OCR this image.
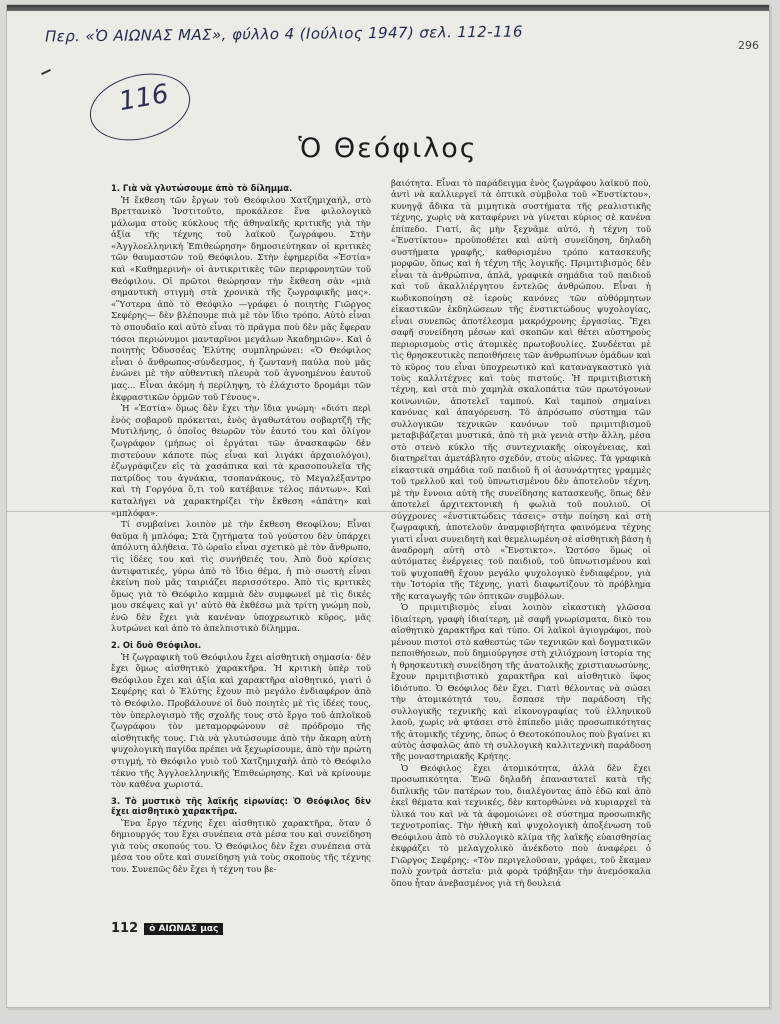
Περ. «Ὁ ΑΙΩΝΑΣ ΜΑΣ», φύλλο 4 (Ιούλιος 1947) σελ. 112-116	296
116
Ὁ Θεόφιλος
1. Γιὰ νὰ γλυτώσουμε ἀπὸ τὸ δίλημμα.

Ἡ ἔκθεση τῶν ἔργων τοῦ Θεόφιλου Χατζημιχαήλ, στὸ Βρεττανικὸ Ἰνστιτοῦτο, προκάλεσε ἕνα φιλολογικὸ μάλωμα στοὺς κύκλους τῆς ἀθηναϊκῆς κριτικῆς γιὰ τὴν ἀξία τῆς τέχνης τοῦ λαϊκοῦ ζωγράφου. Στὴν «Ἀγγλοελληνική Ἐπιθεώρηση» δημοσιεύτηκαν οἱ κριτικὲς τῶν θαυμαστῶν τοῦ Θεόφιλου. Στὴν ἐφημερίδα «Ἑστία» καὶ «Καθημερινὴ» οἱ ἀντικριτικὲς τῶν περιφρονητῶν τοῦ Θεόφιλου. Οἱ πρῶτοι θεώρησαν τὴν ἔκθεση σὰν «μιὰ σημαντικὴ στιγμὴ στὰ χρονικὰ τῆς ζωγραφικῆς μας». «Ὕστερα ἀπὸ τὸ Θεόφιλο —γράφει ὁ ποιητὴς Γιῶργος Σεφέρης— δὲν βλέπουμε πιὰ μὲ τὸν ἴδιο τρόπο. Αὐτὸ εἶναι τὸ σπουδαῖο καὶ αὐτὸ εἶναι τὸ πρᾶγμα ποὺ δὲν μᾶς ἔφεραν τόσοι περιώνυμοι μανταρῖνοι μεγάλων Ἀκαδημιῶν». Καὶ ὁ ποιητὴς Ὀδυσσέας Ἐλύτης συμπληρώνει: «Ὁ Θεόφιλος εἶναι ὁ ἄνθρωπος-σύνδεσμος, ἡ ζωντανὴ παύλα ποὺ μᾶς ἑνώνει μὲ τὴν αὐθεντικὴ πλευρὰ τοῦ ἀγνοημένου ἑαυτοῦ μας... Εἶναι ἀκόμη ἡ περίληψη, τὸ ἐλάχιστο δρομάμι τῶν ἐκφραστικῶν ὁρμῶν τοῦ Γένους».

Ἡ «Ἑστία» ὅμως δὲν ἔχει τὴν ἴδια γνώμη· «διότι περὶ ἑνὸς σοβαροῦ πρόκειται, ἑνὸς ἀγαθωτάτου σοβαρτζῆ τῆς Μυτιλήνης, ὁ ὁποῖος θεωρῶν τὸν ἑαυτό του καὶ ὀλίγον ζωγράφον (μήπως οἱ ἐργάται τῶν ἀνασκαφῶν δὲν πιστεύουν κάποτε πὼς εἶναι καὶ λιγάκι ἀρχαιολόγοι), ἐζωγράφιζεν εἰς τὰ χασάπικα καὶ τὰ κρασοπουλεῖα τῆς πατρίδος του ἀγνάκια, τσοπανάκους, τὸ Μεγαλέξαντρο καὶ τὴ Γοργόνα ὅ,τι τοῦ κατέβαινε τέλος πάντων». Καὶ καταλήγει νὰ χαρακτηρίζει τὴν ἔκθεση «ἀπάτη» καὶ «μπλόφα».

Τί συμβαίνει λοιπὸν μὲ τὴν ἔκθεση Θεοφίλου; Εἶναι θαῦμα ἢ μπλόφα; Στὰ ζητήματα τοῦ γούστου δὲν ὑπάρχει ἀπόλυτη ἀλήθεια. Τὸ ὡραῖο εἶναι σχετικὸ μὲ τὸν ἄνθρωπο, τὶς ἰδέες του καὶ τὶς συνήθειές του. Ἀπὸ δυὸ κρίσεις ἀντιφατικές, γύρω ἀπὸ τὸ ἴδιο θέμα, ἡ πιὸ σωστὴ εἶναι ἐκείνη ποὺ μᾶς ταιριάζει περισσότερο. Ἀπὸ τὶς κριτικὲς ὅμως γιὰ τὸ Θεόφιλο καμμιὰ δὲν συμφωνεῖ μὲ τὶς δικές μου σκέψεις καὶ γι' αὐτὸ θὰ ἐκθέσω μιὰ τρίτη γνώμη ποὺ, ἐνῶ δὲν ἔχει γιὰ κανέναν ὑποχρεωτικὸ κῦρος, μᾶς λυτρώνει καὶ ἀπὸ τὸ ἀπελπιστικὸ δίλημμα.

2. Οἱ δυὸ Θεόφιλοι.

Ἡ ζωγραφικὴ τοῦ Θεόφιλου ἔχει αἰσθητικὴ σημασία· δὲν ἔχει ὅμως αἰσθητικὸ χαρακτῆρα. Ἡ κριτικὴ ὑπὲρ τοῦ Θεόφιλου ἔχει καὶ ἀξία καὶ χαρακτῆρα αἰσθητικό, γιατὶ ὁ Σεφέρης καὶ ὁ Ἐλύτης ἔχουν πιὸ μεγάλο ἐνδιαφέρον ἀπὸ τὸ Θεόφιλο. Προβάλουνε οἱ δυὸ ποιητὲς μὲ τὶς ἰδέες τους, τὸν ὑπερλογισμὸ τῆς σχολῆς τους στὸ ἔργο τοῦ ἁπλοϊκοῦ ζωγράφου τὸν μεταμορφώνουν σὲ πρόδρομο τῆς αἰσθητικῆς τους. Γιὰ νὰ γλυτώσουμε ἀπὸ τὴν ἄκαρη αὐτὴ ψυχολογικὴ παγίδα πρέπει νὰ ξεχωρίσουμε, ἀπὸ τὴν πρώτη στιγμή, τὸ Θεόφιλο γυιὸ τοῦ Χατζημιχαὴλ ἀπὸ τὸ Θεόφιλο τέκνο τῆς Ἀγγλοελληνικῆς Ἐπιθεώρησης. Καὶ νὰ κρίνουμε τὸν καθένα χωριστά.

3. Τὸ μυστικὸ τῆς λαϊκῆς εἰρωνίας: Ὁ Θεόφιλος δὲν ἔχει αἰσθητικὸ χαρακτῆρα.

Ἕνα ἔργο τέχνης ἔχει αἰσθητικὸ χαρακτῆρα, ὅταν ὁ δημιουργός του ἔχει συνέπεια στὰ μέσα του καὶ συνείδηση γιὰ τοὺς σκοπούς του. Ὁ Θεόφιλος δὲν ἔχει συνέπεια στὰ μέσα του οὔτε καὶ συνείδηση γιὰ τοὺς σκοποὺς τῆς τέχνης του. Συνεπῶς δὲν ἔχει ἡ τέχνη του βε-

βαιότητα. Εἶναι τὸ παράδειγμα ἑνὸς ζωγράφου λαϊκοῦ ποὺ, ἀντὶ νὰ καλλιεργεῖ τὰ ὀπτικὰ σύμβολα τοῦ «Ἐνστίκτου», κυνηγᾷ ἄδικα τὰ μιμητικὰ συστήματα τῆς ρεαλιστικῆς τέχνης, χωρὶς νὰ καταφέρνει νὰ γίνεται κύριος σὲ κανένα ἐπίπεδο. Γιατί, ἂς μὴν ξεχνᾶμε αὐτό, ἡ τέχνη τοῦ «Ἐνστίκτου» προϋποθέτει καὶ αὐτὴ συνείδηση, δηλαδὴ συστήματα γραφῆς, καθορισμένο τρόπο κατασκευῆς μορφῶν, ὅπως καὶ ἡ τέχνη τῆς λογικῆς. Πριμιτιβισμὸς δὲν εἶναι τὰ ἀνθρώπινα, ἁπλᾶ, γραφικὰ σημάδια τοῦ παιδιοῦ καὶ τοῦ ἀκαλλιέργητου ἐντελῶς ἀνθρώπου. Εἶναι ἡ κωδικοποίηση σὲ ἱεροὺς κανόνες τῶν αὐθόρμητων εἰκαστικῶν ἐκδηλώσεων τῆς ἐνστικτώδους ψυχολογίας, εἶναι συνεπῶς ἀποτέλεσμα μακρόχρονης ἐργασίας. Ἔχει σαφῆ συνείδηση μέσων καὶ σκοπῶν καὶ θέτει αὐστηροὺς περιορισμοὺς στὶς ἀτομικὲς πρωτοβουλίες. Συνδέεται μὲ τὶς θρησκευτικὲς πεποιθήσεις τῶν ἀνθρωπίνων ὁμάδων καὶ τὸ κῦρος του εἶναι ὑποχρεωτικὸ καὶ καταναγκαστικὸ γιὰ τοὺς καλλιτέχνες καὶ τοὺς πιστούς. Ἡ πριμιτιβιστικὴ τέχνη, καὶ στὰ πιὸ χαμηλὰ σκαλοπάτια τῶν πρωτόγονων κοινωνιῶν, ἀποτελεῖ ταμπού. Καὶ ταμποὺ σημαίνει κανόνας καὶ ἀπαγόρευση. Τὸ ἀπρόσωπο σύστημα τῶν συλλογικῶν τεχνικῶν κανόνων τοῦ πριμιτιβισμοῦ μεταβιβάζεται μυστικά, ἀπὸ τὴ μιὰ γενιὰ στὴν ἄλλη, μέσα στὸ στενὸ κύκλο τῆς συντεχνιακῆς οἰκογένειας, καὶ διατηρεῖται ἀμετάβλητο σχεδόν, στοὺς αἰῶνες. Τὰ γραφικὰ εἰκαστικὰ σημάδια τοῦ παιδιοῦ ἢ οἱ ἀσυνάρτητες γραμμὲς τοῦ τρελλοῦ καὶ τοῦ ὑπνωτισμένου δὲν ἀποτελοῦν τέχνη, μὲ τὴν ἔννοια αὐτὴ τῆς συνείδησης κατασκευῆς, ὅπως δὲν ἀποτελεῖ ἀρχιτεκτονικὴ ἡ φωλιὰ τοῦ πουλιοῦ. Οἱ σύγχρονες «ἐνστικτώδεις τάσεις» στὴν ποίηση καὶ στὴ ζωγραφική, ἀποτελοῦν ἀναμφισβήτητα φαινόμενα τέχνης γιατὶ εἶναι συνειδητὴ καὶ θεμελιωμένη σὲ αἰσθητικὴ βάση ἡ ἀναδρομὴ αὐτὴ στὸ «Ἔνστικτο». Ὡστόσο ὅμως οἱ αὐτόματες ἐνέργειες τοῦ παιδιοῦ, τοῦ ὑπνωτισμένου καὶ τοῦ ψυχοπαθῆ ἔχουν μεγάλο ψυχολογικὸ ἐνδιαφέρον, γιὰ τὴν Ἱστορία τῆς Τέχνης, γιατὶ διαφωτίζουν τὸ πρόβλημα τῆς καταγωγῆς τῶν ὀπτικῶν συμβόλων.

Ὁ πριμιτιβισμὸς εἶναι λοιπὸν εἰκαστικὴ γλῶσσα ἰδιαίτερη, γραφὴ ἰδιαίτερη, μὲ σαφῆ γνωρίσματα, δικὸ του αἰσθητικὸ χαρακτῆρα καὶ τύπο. Οἱ λαϊκοὶ ἁγιογράφοι, ποὺ μένουν πιστοὶ στὸ καθεστὼς τῶν τεχνικῶν καὶ δογματικῶν πεποιθήσεων, ποὺ δημιούργησε στὴ χιλιόχρονη ἱστορία της ἡ θρησκευτικὴ συνείδηση τῆς ἀνατολικῆς χριστιανωσύνης, ἔχουν πριμιτιβιστικὸ χαρακτῆρα καὶ αἰσθητικὸ ὕφος ἰδιότυπο. Ὁ Θεόφιλος δὲν ἔχει. Γιατὶ θέλοντας νὰ σώσει τὴν ἀτομικότητά του, ἔσπασε τὴν παράδοση τῆς συλλογικῆς τεχνικῆς καὶ εἰκονογραφίας τοῦ ἑλληνικοῦ λαοῦ, χωρὶς νὰ φτάσει στὸ ἐπίπεδο μιᾶς προσωπικότητας τῆς ἀτομικῆς τέχνης, ὅπως ὁ Θεοτοκόπουλος ποὺ βγαίνει κι αὐτὸς ἀσφαλῶς ἀπὸ τὴ συλλογικὴ καλλιτεχνικὴ παράδοση τῆς μοναστηριακῆς Κρήτης.

Ὁ Θεόφιλος ἔχει ἀτομικότητα, ἀλλὰ δὲν ἔχει προσωπικότητα. Ἐνῶ δηλαδὴ ἐπαναστατεῖ κατὰ τῆς διπλικῆς τῶν πατέρων του, διαλέγοντας ἀπὸ ἐδῶ καὶ ἀπὸ ἐκεῖ θέματα καὶ τεχνικές, δὲν κατορθώνει νὰ κυριαρχεῖ τὰ ὑλικά του καὶ νὰ τὰ ἀφομοιώνει σὲ σύστημα προσωπικῆς τεχνοτροπίας. Τὴν ἠθικὴ καὶ ψυχολογικὴ ἀποξένωση τοῦ Θεόφιλου ἀπὸ τὸ συλλογικὸ κλίμα τῆς λαϊκῆς εὐαισθησίας ἐκφράζει τὸ μελαγχολικὸ ἀνέκδοτο ποὺ ἀναφέρει ὁ Γιῶργος Σεφέρης: «Τὸν περιγελοῦσαν, γράφει, τοῦ ἔκαμαν πολὺ χοντρὰ ἀστεῖα· μιὰ φορὰ τράβηξαν τὴν ἀνεμόσκαλα ὅπου ἦταν ἀνεβασμένος γιὰ τὴ δουλειά

112	ὁ ΑΙΩΝΑΣ μας
